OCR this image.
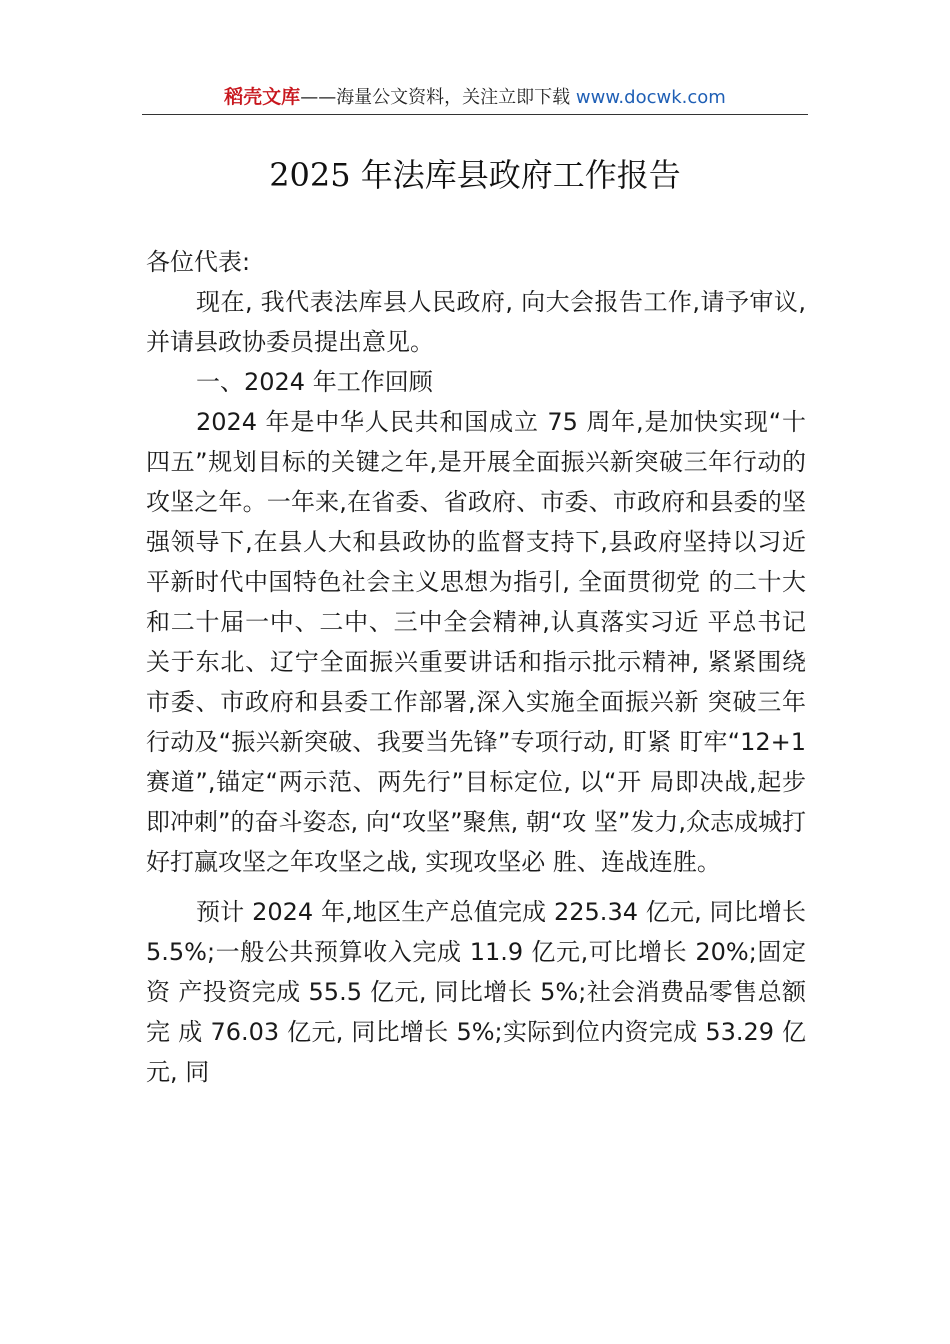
稻壳文库——海量公文资料，关注立即下载 www.docwk.com
2025 年法库县政府工作报告

各位代表:

现在, 我代表法库县人民政府, 向大会报告工作,请予审议, 并请县政协委员提出意见。

一、2024 年工作回顾

2024 年是中华人民共和国成立 75 周年,是加快实现“十四五”规划目标的关键之年,是开展全面振兴新突破三年行动的攻坚之年。一年来,在省委、省政府、市委、市政府和县委的坚强领导下,在县人大和县政协的监督支持下,县政府坚持以习近平新时代中国特色社会主义思想为指引, 全面贯彻党 的二十大和二十届一中、二中、三中全会精神,认真落实习近 平总书记关于东北、辽宁全面振兴重要讲话和指示批示精神, 紧紧围绕市委、市政府和县委工作部署,深入实施全面振兴新 突破三年行动及“振兴新突破、我要当先锋”专项行动, 盯紧 盯牢“12+1 赛道”,锚定“两示范、两先行”目标定位, 以“开 局即决战,起步即冲刺”的奋斗姿态, 向“攻坚”聚焦, 朝“攻 坚”发力,众志成城打好打赢攻坚之年攻坚之战, 实现攻坚必 胜、连战连胜。

预计 2024 年,地区生产总值完成 225.34 亿元, 同比增长 5.5%;一般公共预算收入完成 11.9 亿元,可比增长 20%;固定资 产投资完成 55.5 亿元, 同比增长 5%;社会消费品零售总额完 成 76.03 亿元, 同比增长 5%;实际到位内资完成 53.29 亿元, 同
